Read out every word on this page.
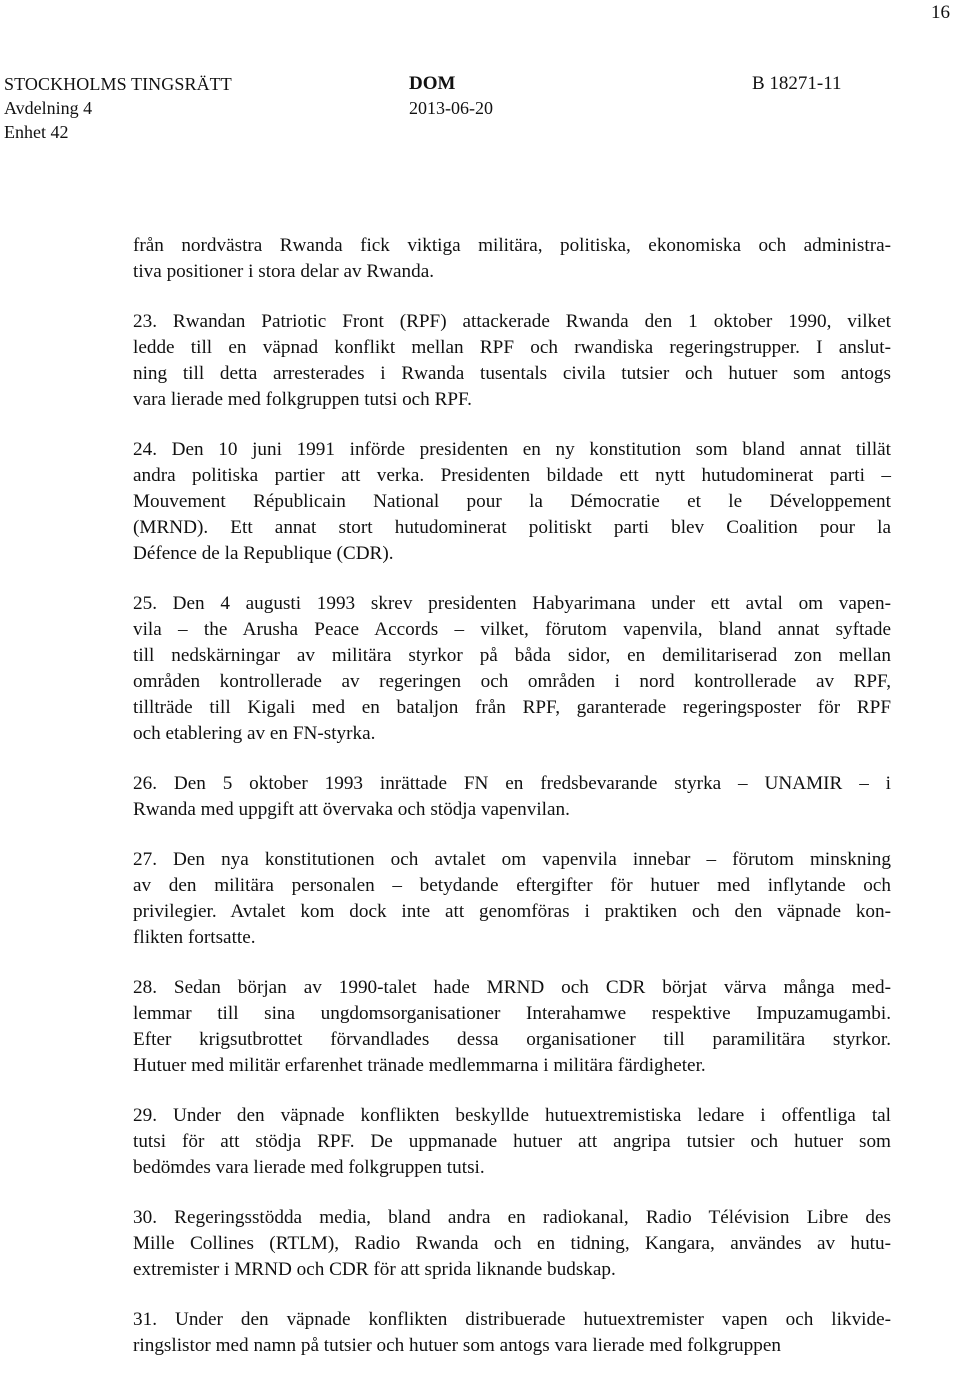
16
STOCKHOLMS TINGSRÄTT
Avdelning 4
Enhet 42
DOM
2013-06-20
B 18271-11

från nordvästra Rwanda fick viktiga militära, politiska, ekonomiska och administra-
tiva positioner i stora delar av Rwanda.

23. Rwandan Patriotic Front (RPF) attackerade Rwanda den 1 oktober 1990, vilket
ledde till en väpnad konflikt mellan RPF och rwandiska regeringstrupper. I anslut-
ning till detta arresterades i Rwanda tusentals civila tutsier och hutuer som antogs
vara lierade med folkgruppen tutsi och RPF.

24. Den 10 juni 1991 införde presidenten en ny konstitution som bland annat tillät
andra politiska partier att verka. Presidenten bildade ett nytt hutudominerat parti –
Mouvement Républicain National pour la Démocratie et le Développement
(MRND). Ett annat stort hutudominerat politiskt parti blev Coalition pour la
Défence de la Republique (CDR).

25. Den 4 augusti 1993 skrev presidenten Habyarimana under ett avtal om vapen-
vila – the Arusha Peace Accords – vilket, förutom vapenvila, bland annat syftade
till nedskärningar av militära styrkor på båda sidor, en demilitariserad zon mellan
områden kontrollerade av regeringen och områden i nord kontrollerade av RPF,
tillträde till Kigali med en bataljon från RPF, garanterade regeringsposter för RPF
och etablering av en FN-styrka.

26. Den 5 oktober 1993 inrättade FN en fredsbevarande styrka – UNAMIR – i
Rwanda med uppgift att övervaka och stödja vapenvilan.

27. Den nya konstitutionen och avtalet om vapenvila innebar – förutom minskning
av den militära personalen – betydande eftergifter för hutuer med inflytande och
privilegier. Avtalet kom dock inte att genomföras i praktiken och den väpnade kon-
flikten fortsatte.

28. Sedan början av 1990-talet hade MRND och CDR börjat värva många med-
lemmar till sina ungdomsorganisationer Interahamwe respektive Impuzamugambi.
Efter krigsutbrottet förvandlades dessa organisationer till paramilitära styrkor.
Hutuer med militär erfarenhet tränade medlemmarna i militära färdigheter.

29. Under den väpnade konflikten beskyllde hutuextremistiska ledare i offentliga tal
tutsi för att stödja RPF. De uppmanade hutuer att angripa tutsier och hutuer som
bedömdes vara lierade med folkgruppen tutsi.

30. Regeringsstödda media, bland andra en radiokanal, Radio Télévision Libre des
Mille Collines (RTLM), Radio Rwanda och en tidning, Kangara, användes av hutu-
extremister i MRND och CDR för att sprida liknande budskap.

31. Under den väpnade konflikten distribuerade hutuextremister vapen och likvide-
ringslistor med namn på tutsier och hutuer som antogs vara lierade med folkgruppen
